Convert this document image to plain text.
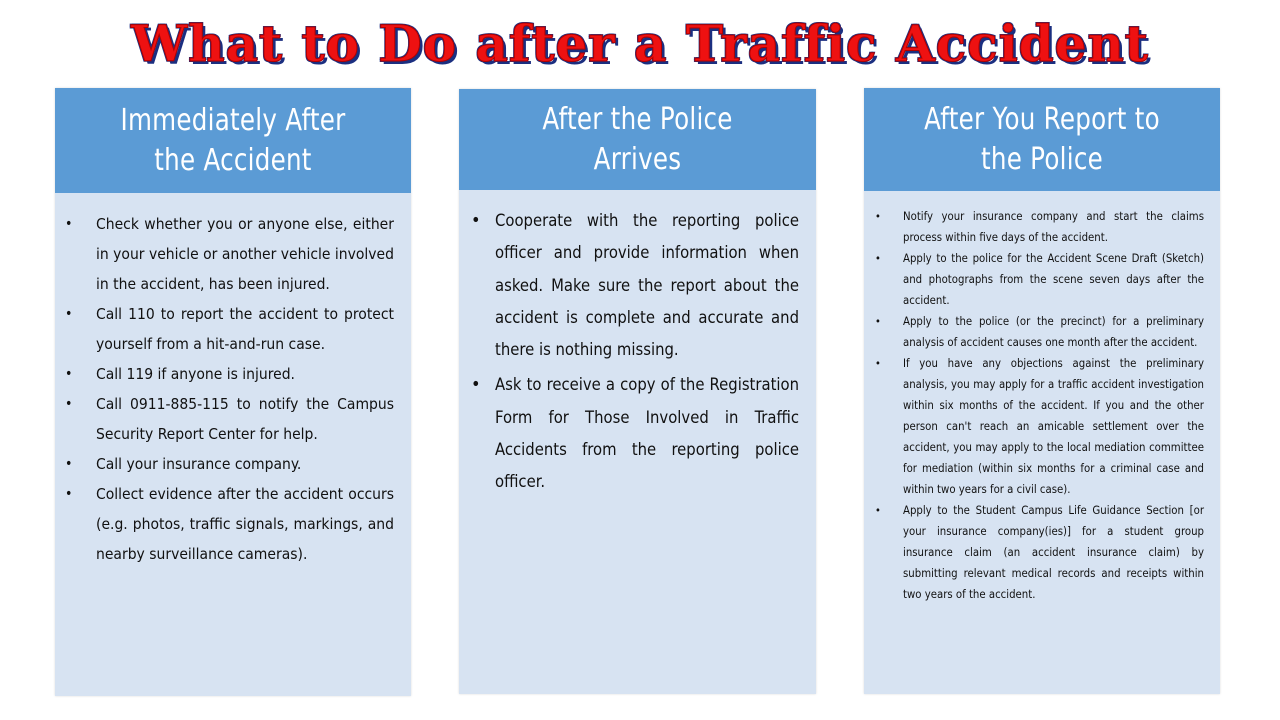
What to Do after a Traffic Accident
Immediately After the Accident
• Check whether you or anyone else, either in your vehicle or another vehicle involved in the accident, has been injured.
• Call 110 to report the accident to protect yourself from a hit-and-run case.
• Call 119 if anyone is injured.
• Call 0911-885-115 to notify the Campus Security Report Center for help.
• Call your insurance company.
• Collect evidence after the accident occurs (e.g. photos, traffic signals, markings, and nearby surveillance cameras).
After the Police Arrives
• Cooperate with the reporting police officer and provide information when asked. Make sure the report about the accident is complete and accurate and there is nothing missing.
• Ask to receive a copy of the Registration Form for Those Involved in Traffic Accidents from the reporting police officer.
After You Report to the Police
• Notify your insurance company and start the claims process within five days of the accident.
• Apply to the police for the Accident Scene Draft (Sketch) and photographs from the scene seven days after the accident.
• Apply to the police (or the precinct) for a preliminary analysis of accident causes one month after the accident.
• If you have any objections against the preliminary analysis, you may apply for a traffic accident investigation within six months of the accident. If you and the other person can't reach an amicable settlement over the accident, you may apply to the local mediation committee for mediation (within six months for a criminal case and within two years for a civil case).
• Apply to the Student Campus Life Guidance Section [or your insurance company(ies)] for a student group insurance claim (an accident insurance claim) by submitting relevant medical records and receipts within two years of the accident.
